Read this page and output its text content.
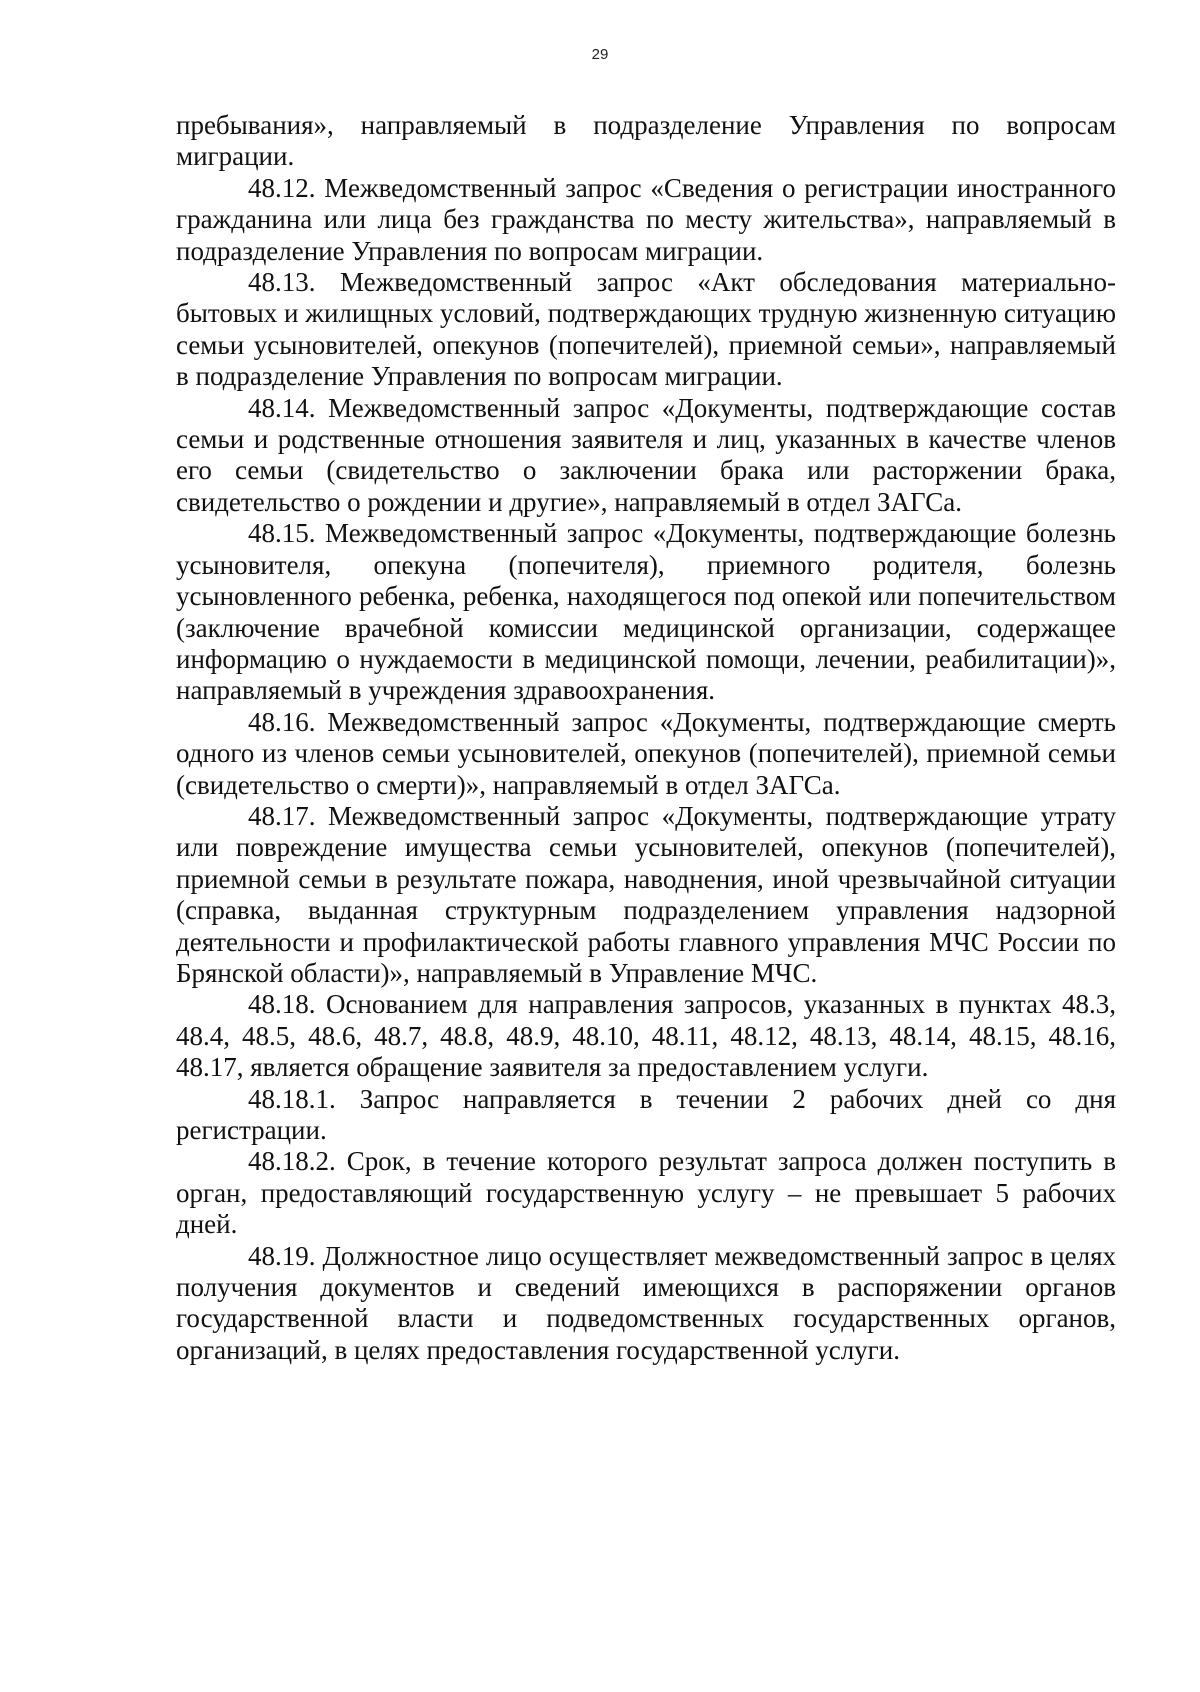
29

пребывания», направляемый в подразделение Управления по вопросам миграции.

48.12. Межведомственный запрос «Сведения о регистрации иностранного гражданина или лица без гражданства по месту жительства», направляемый в подразделение Управления по вопросам миграции.

48.13. Межведомственный запрос «Акт обследования материально-бытовых и жилищных условий, подтверждающих трудную жизненную ситуацию семьи усыновителей, опекунов (попечителей), приемной семьи», направляемый в подразделение Управления по вопросам миграции.

48.14. Межведомственный запрос «Документы, подтверждающие состав семьи и родственные отношения заявителя и лиц, указанных в качестве членов его семьи (свидетельство о заключении брака или расторжении брака, свидетельство о рождении и другие», направляемый в отдел ЗАГСа.

48.15. Межведомственный запрос «Документы, подтверждающие болезнь усыновителя, опекуна (попечителя), приемного родителя, болезнь усыновленного ребенка, ребенка, находящегося под опекой или попечительством (заключение врачебной комиссии медицинской организации, содержащее информацию о нуждаемости в медицинской помощи, лечении, реабилитации)», направляемый в учреждения здравоохранения.

48.16. Межведомственный запрос «Документы, подтверждающие смерть одного из членов семьи усыновителей, опекунов (попечителей), приемной семьи (свидетельство о смерти)», направляемый в отдел ЗАГСа.

48.17. Межведомственный запрос «Документы, подтверждающие утрату или повреждение имущества семьи усыновителей, опекунов (попечителей), приемной семьи в результате пожара, наводнения, иной чрезвычайной ситуации (справка, выданная структурным подразделением управления надзорной деятельности и профилактической работы главного управления МЧС России по Брянской области)», направляемый в Управление МЧС.

48.18. Основанием для направления запросов, указанных в пунктах 48.3, 48.4, 48.5, 48.6, 48.7, 48.8, 48.9, 48.10, 48.11, 48.12, 48.13, 48.14, 48.15, 48.16, 48.17, является обращение заявителя за предоставлением услуги.

48.18.1. Запрос направляется в течении 2 рабочих дней со дня регистрации.

48.18.2. Срок, в течение которого результат запроса должен поступить в орган, предоставляющий государственную услугу – не превышает 5 рабочих дней.

48.19. Должностное лицо осуществляет межведомственный запрос в целях получения документов и сведений имеющихся в распоряжении органов государственной власти и подведомственных государственных органов, организаций, в целях предоставления государственной услуги.
